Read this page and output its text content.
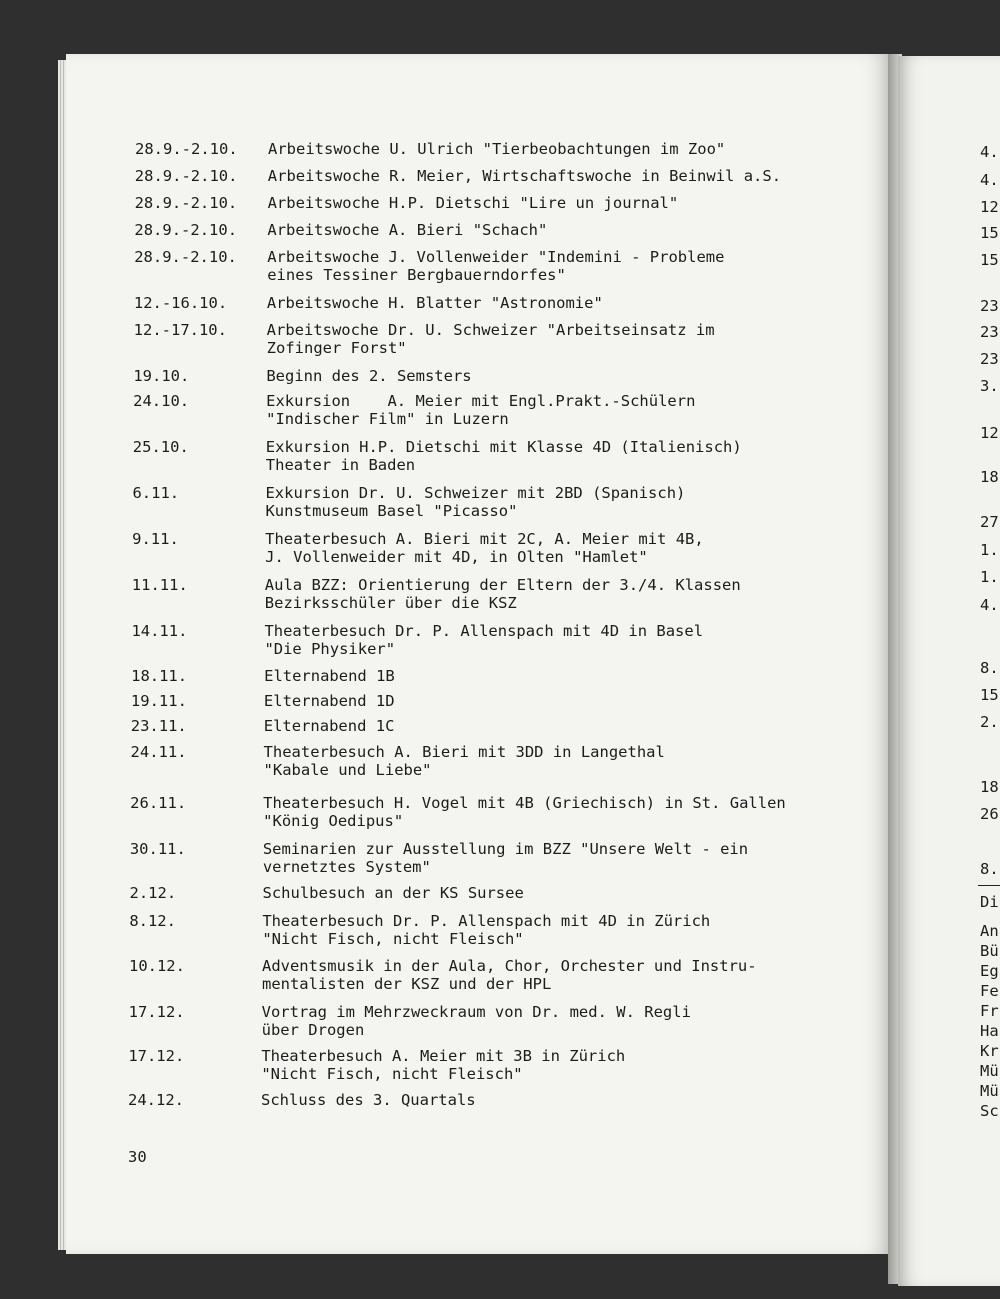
28.9.-2.10. Arbeitswoche U. Ulrich "Tierbeobachtungen im Zoo"
28.9.-2.10. Arbeitswoche R. Meier, Wirtschaftswoche in Beinwil a.S.
28.9.-2.10. Arbeitswoche H.P. Dietschi "Lire un journal"
28.9.-2.10. Arbeitswoche A. Bieri "Schach"
28.9.-2.10. Arbeitswoche J. Vollenweider "Indemini - Probleme
eines Tessiner Bergbauerndorfes"
12.-16.10.	Arbeitswoche H. Blatter "Astronomie"
12.-17.10.	Arbeitswoche Dr. U. Schweizer "Arbeitseinsatz im
Zofinger Forst"
19.10.	Beginn des 2. Semsters
24.10.	Exkursion    A. Meier mit Engl.Prakt.-Schülern
"Indischer Film" in Luzern
25.10.	Exkursion H.P. Dietschi mit Klasse 4D (Italienisch)
Theater in Baden
6.11.	Exkursion Dr. U. Schweizer mit 2BD (Spanisch)
Kunstmuseum Basel "Picasso"
9.11.	Theaterbesuch A. Bieri mit 2C, A. Meier mit 4B,
J. Vollenweider mit 4D, in Olten "Hamlet"
11.11.	Aula BZZ: Orientierung der Eltern der 3./4. Klassen
Bezirksschüler über die KSZ
14.11.	Theaterbesuch Dr. P. Allenspach mit 4D in Basel
"Die Physiker"
18.11.	Elternabend 1B
19.11.	Elternabend 1D
23.11.	Elternabend 1C
24.11.	Theaterbesuch A. Bieri mit 3DD in Langethal
"Kabale und Liebe"
26.11.	Theaterbesuch H. Vogel mit 4B (Griechisch) in St. Gallen
"König Oedipus"
30.11.	Seminarien zur Ausstellung im BZZ "Unsere Welt - ein
vernetztes System"
2.12.	Schulbesuch an der KS Sursee
8.12.	Theaterbesuch Dr. P. Allenspach mit 4D in Zürich
"Nicht Fisch, nicht Fleisch"
10.12.	Adventsmusik in der Aula, Chor, Orchester und Instru-
mentalisten der KSZ und der HPL
17.12.	Vortrag im Mehrzweckraum von Dr. med. W. Regli
über Drogen
17.12.	Theaterbesuch A. Meier mit 3B in Zürich
"Nicht Fisch, nicht Fleisch"
24.12.	Schluss des 3. Quartals
30
4.
4.
12
15
15
23
23
23
3.
12
18
27
1.
1.
4.
8.
15
2.
18
26
8.
Di
An
Bü
Eg
Fe
Fr
Ha
Kr
Mü
Mü
Sc
